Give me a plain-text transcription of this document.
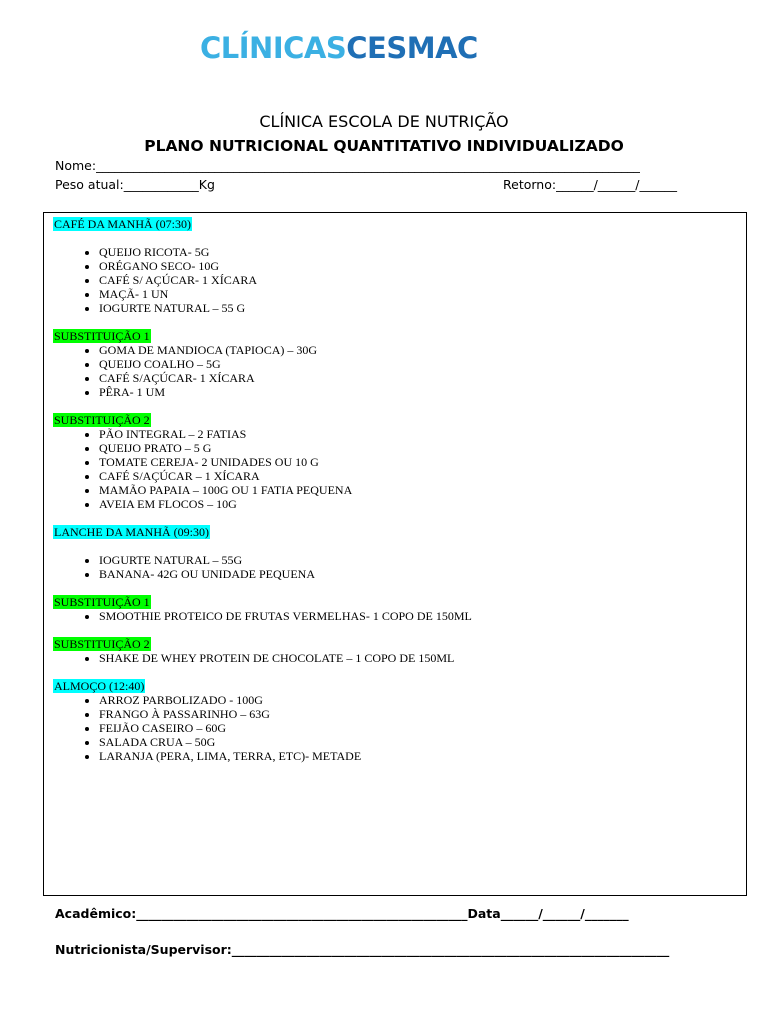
CLÍNICASCESMAC
CLÍNICA ESCOLA DE NUTRIÇÃO
PLANO NUTRICIONAL QUANTITATIVO INDIVIDUALIZADO
Nome:_______________________________________________________________________________________
Peso atual:____________Kg	Retorno:______/______/______
CAFÉ DA MANHÃ (07:30)
• QUEIJO RICOTA- 5G
• ORÉGANO SECO- 10G
• CAFÉ S/ AÇÚCAR- 1 XÍCARA
• MAÇÃ- 1 UN
• IOGURTE NATURAL – 55 G
SUBSTITUIÇÃO 1
• GOMA DE MANDIOCA (TAPIOCA) – 30G
• QUEIJO COALHO – 5G
• CAFÉ S/AÇÚCAR- 1 XÍCARA
• PÊRA- 1 UM
SUBSTITUIÇÃO 2
• PÃO INTEGRAL – 2 FATIAS
• QUEIJO PRATO – 5 G
• TOMATE CEREJA- 2 UNIDADES OU 10 G
• CAFÉ S/AÇÚCAR – 1 XÍCARA
• MAMÃO PAPAIA – 100G OU 1 FATIA PEQUENA
• AVEIA EM FLOCOS – 10G
LANCHE DA MANHÃ (09:30)
• IOGURTE NATURAL – 55G
• BANANA- 42G OU UNIDADE PEQUENA
SUBSTITUIÇÃO 1
• SMOOTHIE PROTEICO DE FRUTAS VERMELHAS- 1 COPO DE 150ML
SUBSTITUIÇÃO 2
• SHAKE DE WHEY PROTEIN DE CHOCOLATE – 1 COPO DE 150ML
ALMOÇO (12:40)
• ARROZ PARBOLIZADO - 100G
• FRANGO À PASSARINHO – 63G
• FEIJÃO CASEIRO – 60G
• SALADA CRUA – 50G
• LARANJA (PERA, LIMA, TERRA, ETC)- METADE
Acadêmico:_____________________________________________________Data______/______/_______
Nutricionista/Supervisor:______________________________________________________________________
